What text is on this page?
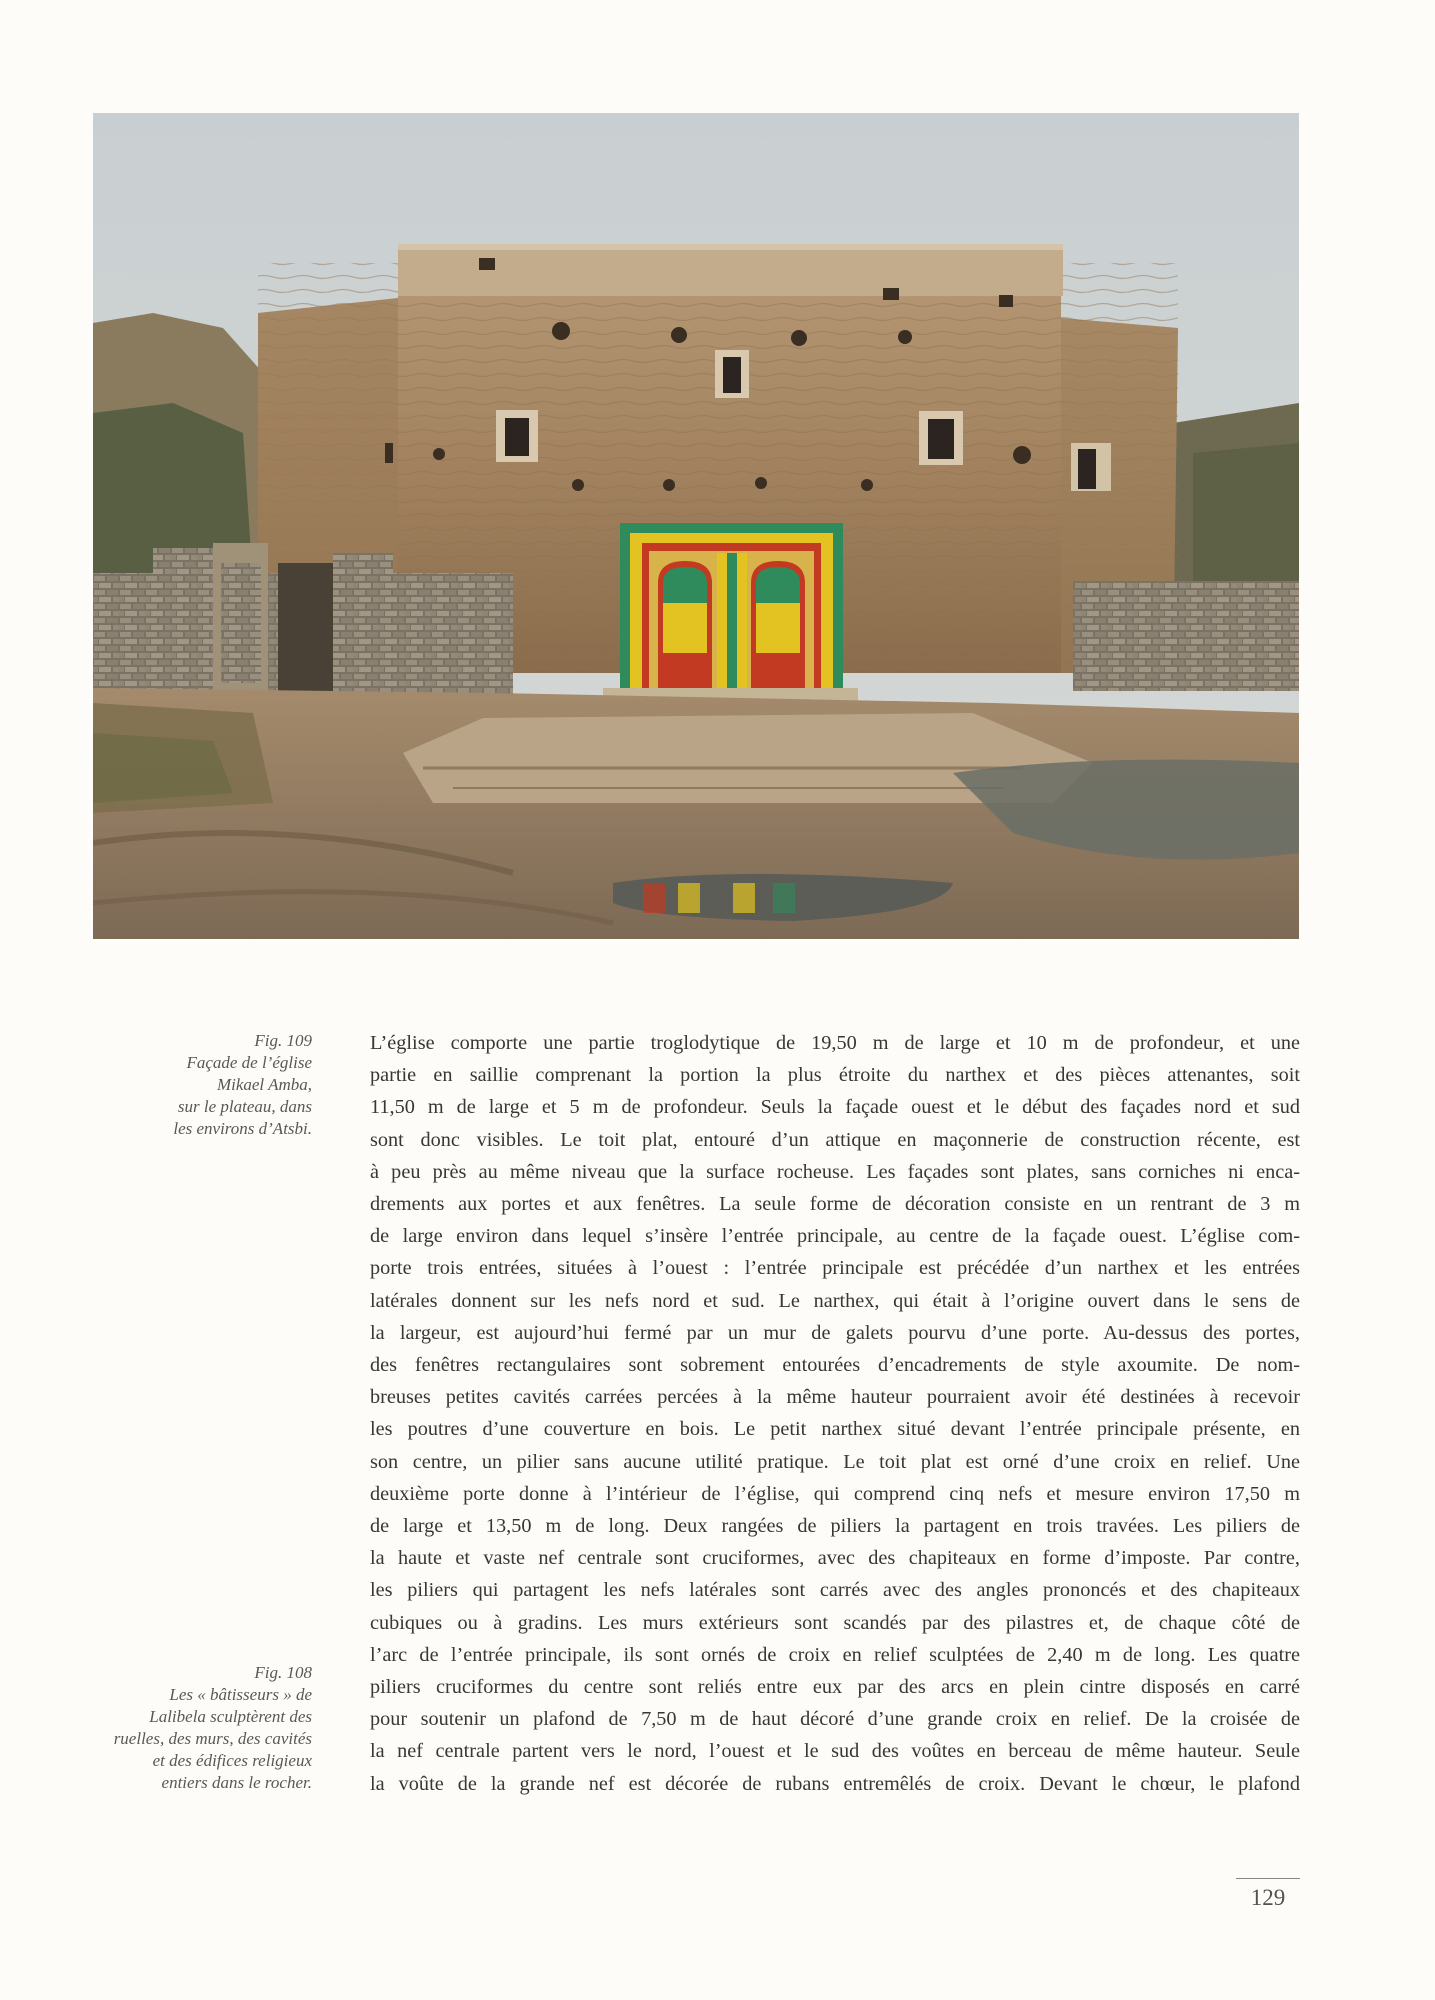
Fig. 109
Façade de l’église
Mikael Amba,
sur le plateau, dans
les environs d’Atsbi.
Fig. 108
Les « bâtisseurs » de
Lalibela sculptèrent des
ruelles, des murs, des cavités
et des édifices religieux
entiers dans le rocher.
L’église comporte une partie troglodytique de 19,50 m de large et 10 m de profondeur, et une
partie en saillie comprenant la portion la plus étroite du narthex et des pièces attenantes, soit
11,50 m de large et 5 m de profondeur. Seuls la façade ouest et le début des façades nord et sud
sont donc visibles. Le toit plat, entouré d’un attique en maçonnerie de construction récente, est
à peu près au même niveau que la surface rocheuse. Les façades sont plates, sans corniches ni enca-
drements aux portes et aux fenêtres. La seule forme de décoration consiste en un rentrant de 3 m
de large environ dans lequel s’insère l’entrée principale, au centre de la façade ouest. L’église com-
porte trois entrées, situées à l’ouest : l’entrée principale est précédée d’un narthex et les entrées
latérales donnent sur les nefs nord et sud. Le narthex, qui était à l’origine ouvert dans le sens de
la largeur, est aujourd’hui fermé par un mur de galets pourvu d’une porte. Au-dessus des portes,
des fenêtres rectangulaires sont sobrement entourées d’encadrements de style axoumite. De nom-
breuses petites cavités carrées percées à la même hauteur pourraient avoir été destinées à recevoir
les poutres d’une couverture en bois. Le petit narthex situé devant l’entrée principale présente, en
son centre, un pilier sans aucune utilité pratique. Le toit plat est orné d’une croix en relief. Une
deuxième porte donne à l’intérieur de l’église, qui comprend cinq nefs et mesure environ 17,50 m
de large et 13,50 m de long. Deux rangées de piliers la partagent en trois travées. Les piliers de
la haute et vaste nef centrale sont cruciformes, avec des chapiteaux en forme d’imposte. Par contre,
les piliers qui partagent les nefs latérales sont carrés avec des angles prononcés et des chapiteaux
cubiques ou à gradins. Les murs extérieurs sont scandés par des pilastres et, de chaque côté de
l’arc de l’entrée principale, ils sont ornés de croix en relief sculptées de 2,40 m de long. Les quatre
piliers cruciformes du centre sont reliés entre eux par des arcs en plein cintre disposés en carré
pour soutenir un plafond de 7,50 m de haut décoré d’une grande croix en relief. De la croisée de
la nef centrale partent vers le nord, l’ouest et le sud des voûtes en berceau de même hauteur. Seule
la voûte de la grande nef est décorée de rubans entremêlés de croix. Devant le chœur, le plafond
129
